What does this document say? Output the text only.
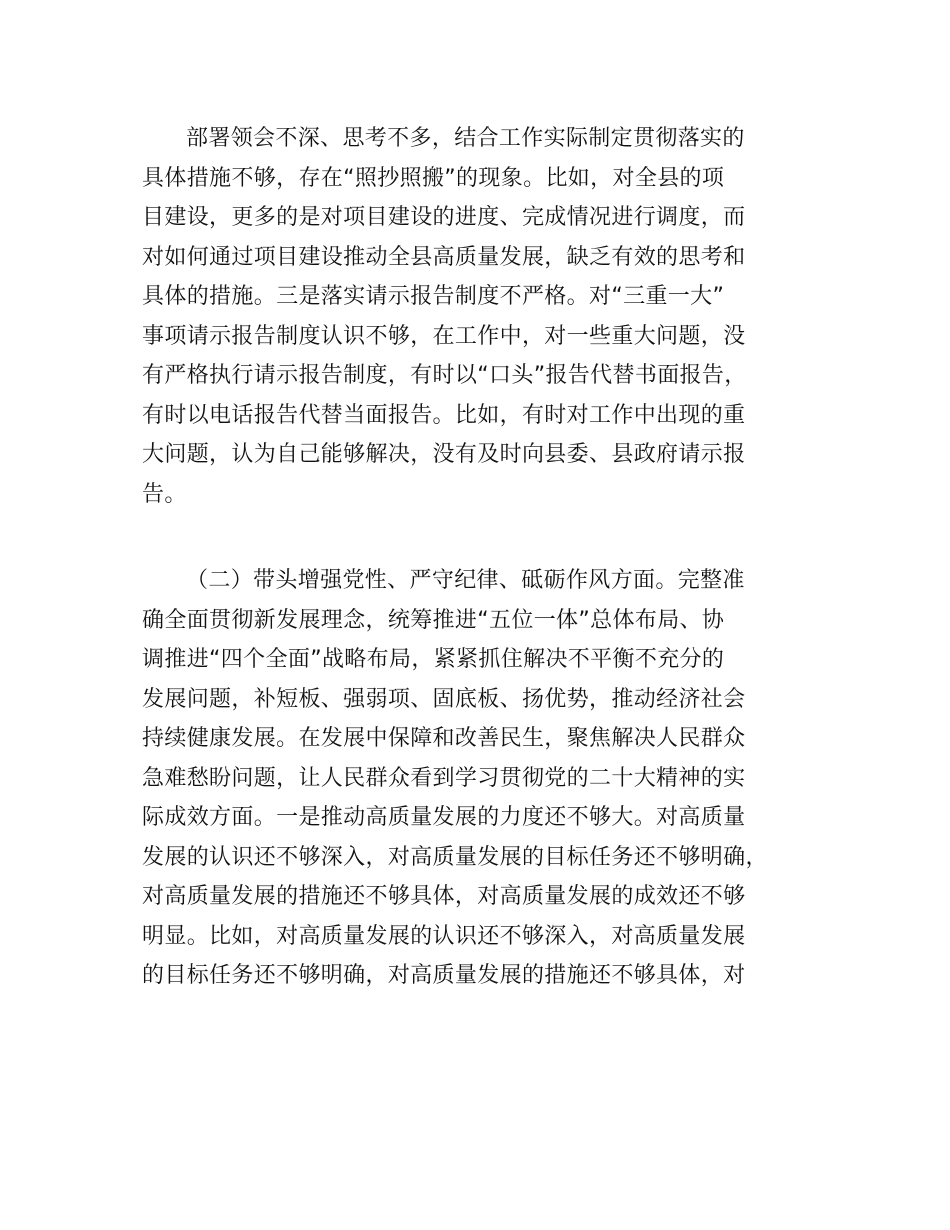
部署领会不深、思考不多，结合工作实际制定贯彻落实的
具体措施不够，存在“照抄照搬”的现象。比如，对全县的项
目建设，更多的是对项目建设的进度、完成情况进行调度，而
对如何通过项目建设推动全县高质量发展，缺乏有效的思考和
具体的措施。三是落实请示报告制度不严格。对“三重一大”
事项请示报告制度认识不够，在工作中，对一些重大问题，没
有严格执行请示报告制度，有时以“口头”报告代替书面报告，
有时以电话报告代替当面报告。比如，有时对工作中出现的重
大问题，认为自己能够解决，没有及时向县委、县政府请示报
告。
（二）带头增强党性、严守纪律、砥砺作风方面。完整准
确全面贯彻新发展理念，统筹推进“五位一体”总体布局、协
调推进“四个全面”战略布局，紧紧抓住解决不平衡不充分的
发展问题，补短板、强弱项、固底板、扬优势，推动经济社会
持续健康发展。在发展中保障和改善民生，聚焦解决人民群众
急难愁盼问题，让人民群众看到学习贯彻党的二十大精神的实
际成效方面。一是推动高质量发展的力度还不够大。对高质量
发展的认识还不够深入，对高质量发展的目标任务还不够明确，
对高质量发展的措施还不够具体，对高质量发展的成效还不够
明显。比如，对高质量发展的认识还不够深入，对高质量发展
的目标任务还不够明确，对高质量发展的措施还不够具体，对
